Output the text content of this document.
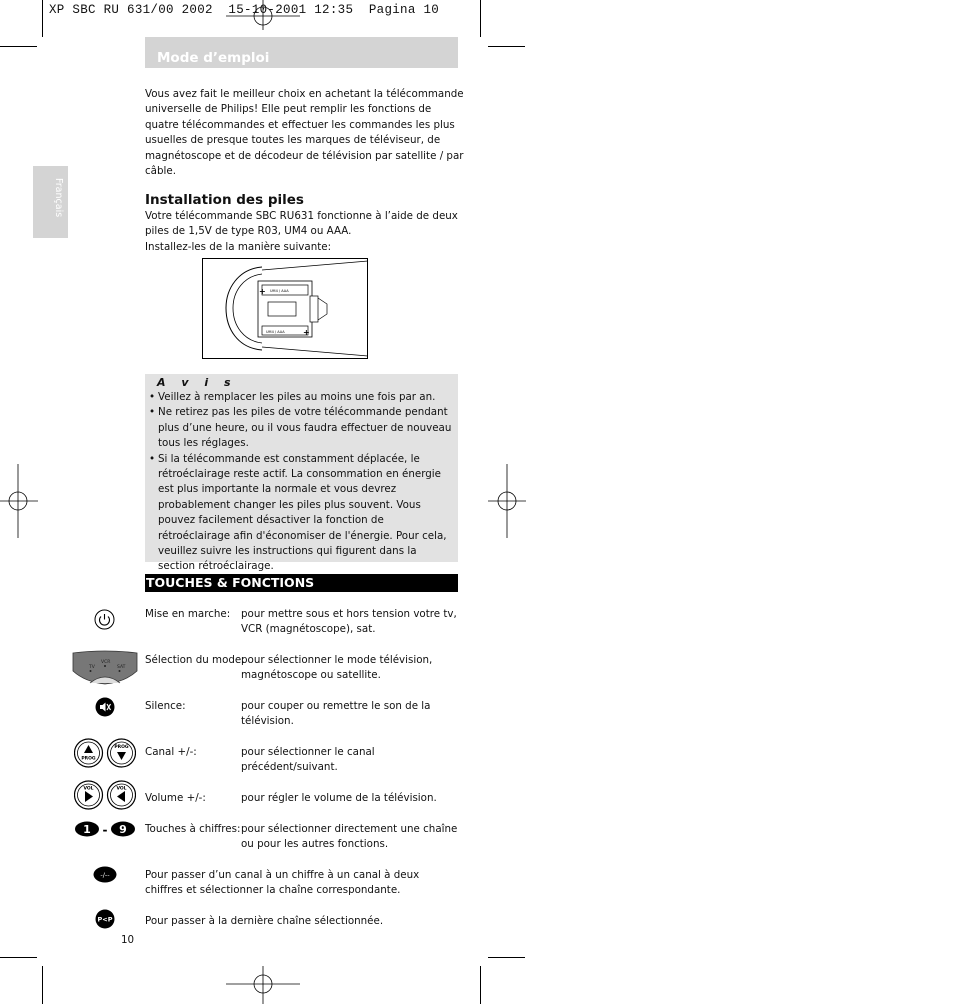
XP SBC RU 631/00 2002  15-10-2001 12:35  Pagina 10
Mode d’emploi
Français
Vous avez fait le meilleur choix en achetant la télécommande
universelle de Philips! Elle peut remplir les fonctions de
quatre télécommandes et effectuer les commandes les plus
usuelles de presque toutes les marques de téléviseur, de
magnétoscope et de décodeur de télévision par satellite / par
câble.
Installation des piles
Votre télécommande SBC RU631 fonctionne à l’aide de deux
piles de 1,5V de type R03, UM4 ou AAA.
Installez-les de la manière suivante:
+
+
UM4 / AAA
UM4 / AAA
A v i s
• Veillez à remplacer les piles au moins une fois par an.
• Ne retirez pas les piles de votre télécommande pendant plus d’une heure, ou il vous faudra effectuer de nouveau tous les réglages.
• Si la télécommande est constamment déplacée, le rétroéclairage reste actif. La consommation en énergie est plus importante la normale et vous devrez probablement changer les piles plus souvent. Vous pouvez facilement désactiver la fonction de rétroéclairage afin d'économiser de l'énergie. Pour cela, veuillez suivre les instructions qui figurent dans la section rétroéclairage.
TOUCHES & FONCTIONS
Mise en marche: pour mettre sous et hors tension votre tv, VCR (magnétoscope), sat.
TV
VCR
SAT
Sélection du mode:
pour sélectionner le mode télévision, magnétoscope ou satellite.
Silence:	pour couper ou remettre le son de la télévision.
PROG
PROG Canal +/-:	pour sélectionner le canal précédent/suivant.
VOL	VOL
Volume +/-:	pour régler le volume de la télévision.
1 - 9 Touches à chiffres: pour sélectionner directement une chaîne ou pour les autres fonctions.
-/--	Pour passer d’un canal à un chiffre à un canal à deux chiffres et sélectionner la chaîne correspondante.
P<P	Pour passer à la dernière chaîne sélectionnée.
10
